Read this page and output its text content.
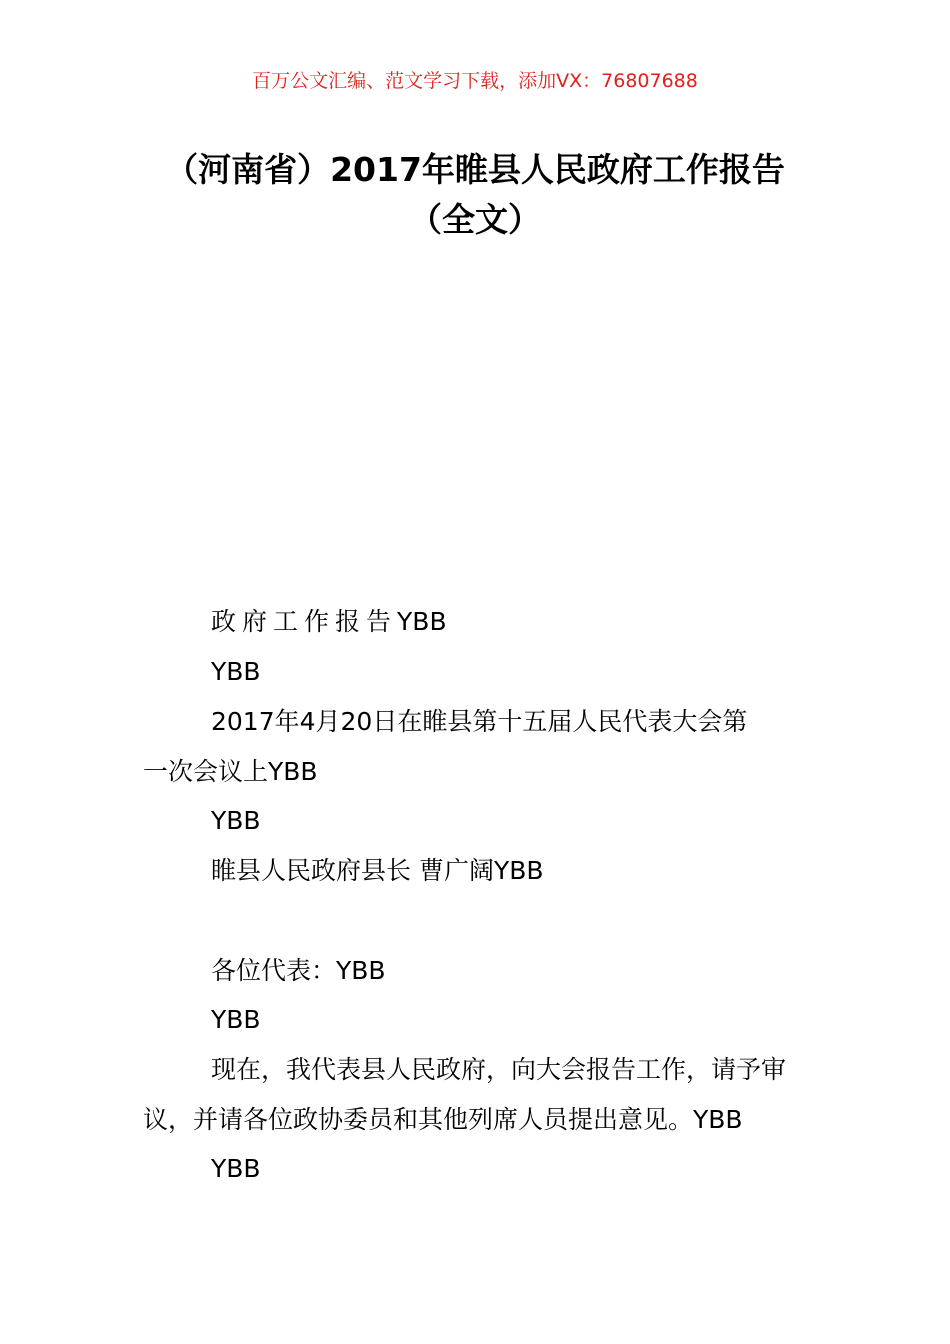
百万公文汇编、范文学习下载，添加VX：76807688
（河南省）2017年睢县人民政府工作报告
（全文）
政府工作报告YBB
YBB
2017年4月20日在睢县第十五届人民代表大会第
一次会议上YBB
YBB
睢县人民政府县长 曹广阔YBB
各位代表：YBB
YBB
现在，我代表县人民政府，向大会报告工作，请予审
议，并请各位政协委员和其他列席人员提出意见。YBB
YBB
